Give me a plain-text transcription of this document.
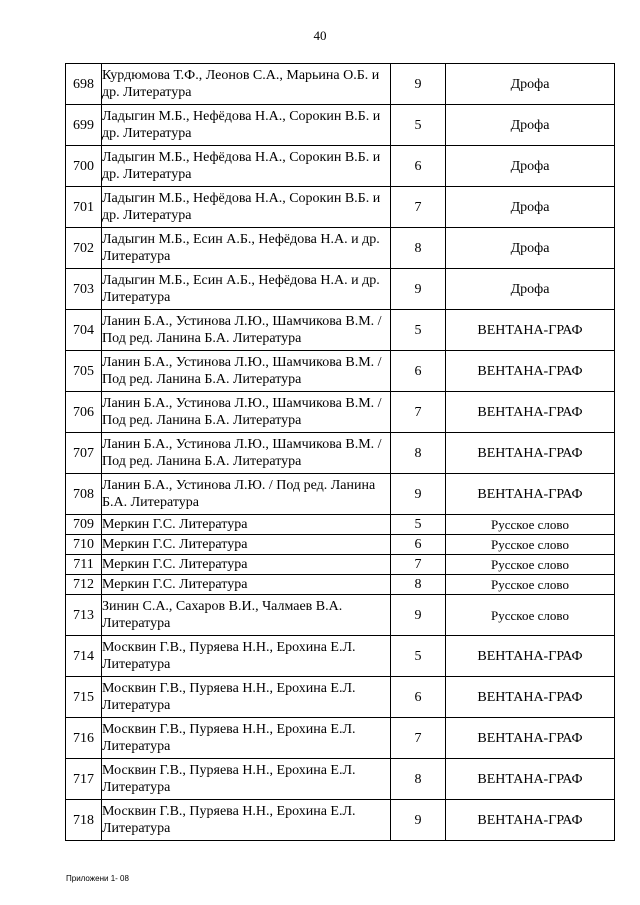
40
698	Курдюмова Т.Ф., Леонов С.А., Марьина О.Б. и др. Литература	9	Дрофа
699	Ладыгин М.Б., Нефёдова Н.А., Сорокин В.Б. и др. Литература	5	Дрофа
700	Ладыгин М.Б., Нефёдова Н.А., Сорокин В.Б. и др. Литература	6	Дрофа
701	Ладыгин М.Б., Нефёдова Н.А., Сорокин В.Б. и др. Литература	7	Дрофа
702	Ладыгин М.Б., Есин А.Б., Нефёдова Н.А. и др. Литература	8	Дрофа
703	Ладыгин М.Б., Есин А.Б., Нефёдова Н.А. и др. Литература	9	Дрофа
704	Ланин Б.А., Устинова Л.Ю., Шамчикова В.М. / Под ред. Ланина Б.А. Литература	5	ВЕНТАНА-ГРАФ
705	Ланин Б.А., Устинова Л.Ю., Шамчикова В.М. / Под ред. Ланина Б.А. Литература	6	ВЕНТАНА-ГРАФ
706	Ланин Б.А., Устинова Л.Ю., Шамчикова В.М. / Под ред. Ланина Б.А. Литература	7	ВЕНТАНА-ГРАФ
707	Ланин Б.А., Устинова Л.Ю., Шамчикова В.М. / Под ред. Ланина Б.А. Литература	8	ВЕНТАНА-ГРАФ
708	Ланин Б.А., Устинова Л.Ю. / Под ред. Ланина Б.А. Литература	9	ВЕНТАНА-ГРАФ
709	Меркин Г.С. Литература	5	Русское слово
710	Меркин Г.С. Литература	6	Русское слово
711	Меркин Г.С. Литература	7	Русское слово
712	Меркин Г.С. Литература	8	Русское слово
713	Зинин С.А., Сахаров В.И., Чалмаев В.А. Литература	9	Русское слово
714	Москвин Г.В., Пуряева Н.Н., Ерохина Е.Л. Литература	5	ВЕНТАНА-ГРАФ
715	Москвин Г.В., Пуряева Н.Н., Ерохина Е.Л. Литература	6	ВЕНТАНА-ГРАФ
716	Москвин Г.В., Пуряева Н.Н., Ерохина Е.Л. Литература	7	ВЕНТАНА-ГРАФ
717	Москвин Г.В., Пуряева Н.Н., Ерохина Е.Л. Литература	8	ВЕНТАНА-ГРАФ
718	Москвин Г.В., Пуряева Н.Н., Ерохина Е.Л. Литература	9	ВЕНТАНА-ГРАФ
Приложени 1- 08
